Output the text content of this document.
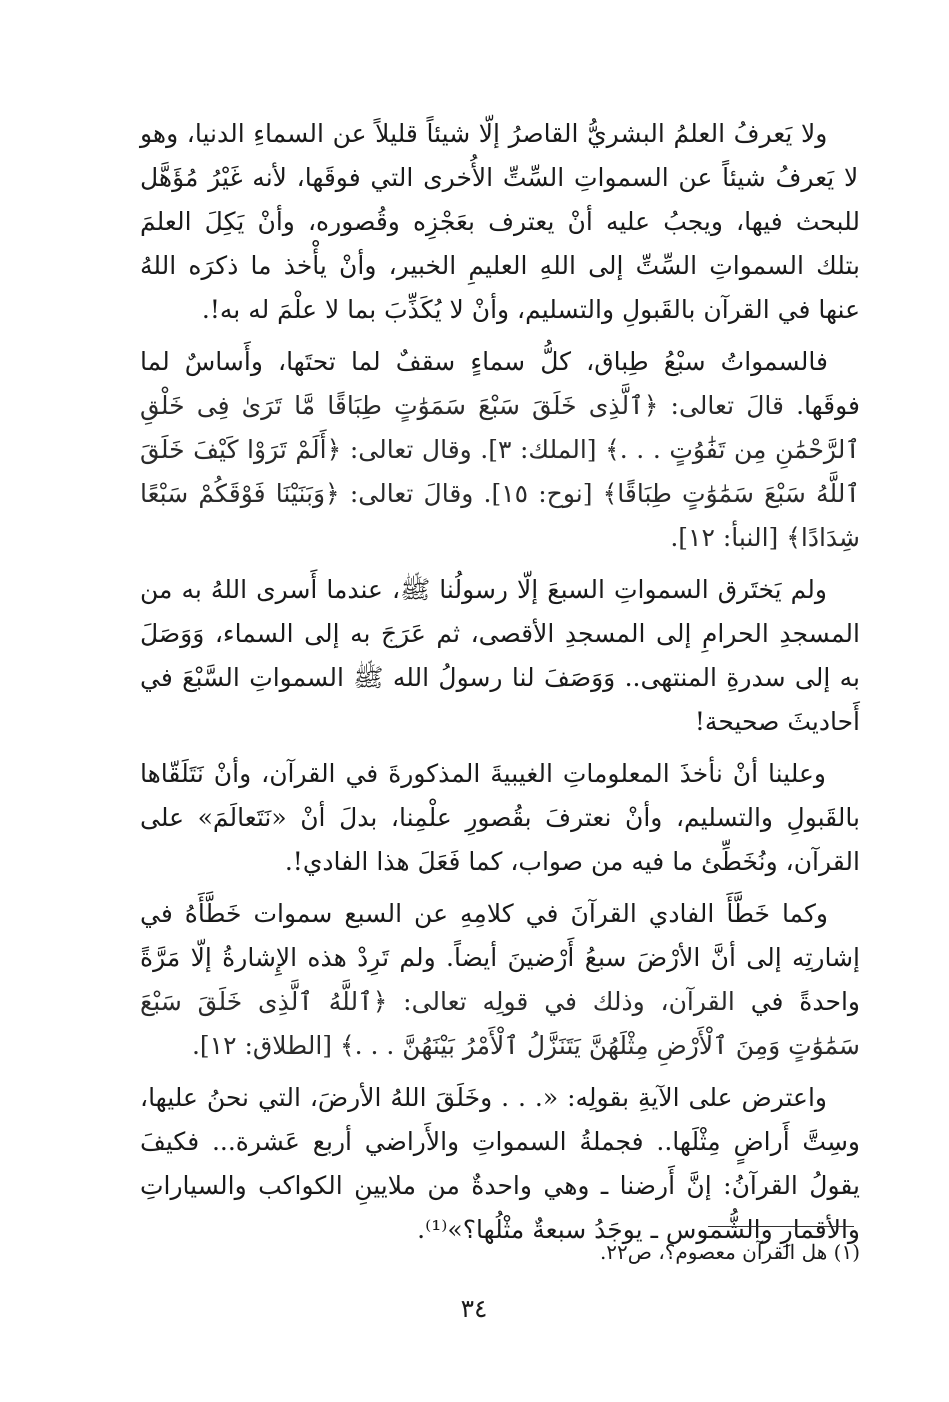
ولا يَعرفُ العلمُ البشريُّ القاصرُ إلّا شيئاً قليلاً عن السماءِ الدنيا، وهو لا يَعرفُ شيئاً عن السمواتِ السِّتِّ الأُخرى التي فوقَها، لأنه غَيْرُ مُؤَهَّل للبحث فيها، ويجبُ عليه أنْ يعترف بعَجْزِه وقُصوره، وأنْ يَكِلَ العلمَ بتلك السمواتِ السِّتِّ إلى اللهِ العليمِ الخبير، وأنْ يأْخذ ما ذكرَه اللهُ عنها في القرآن بالقَبولِ والتسليم، وأنْ لا يُكَذِّبَ بما لا علْمَ له به!.

فالسمواتُ سبْعُ طِباق، كلُّ سماءٍ سقفٌ لما تحتَها، وأَساسٌ لما فوقَها. قالَ تعالى: ﴿ٱلَّذِى خَلَقَ سَبْعَ سَمَوَٰتٍ طِبَاقًا مَّا تَرَىٰ فِى خَلْقِ ٱلرَّحْمَٰنِ مِن تَفَٰوُتٍ . . .﴾ [الملك: ٣]. وقال تعالى: ﴿أَلَمْ تَرَوْا كَيْفَ خَلَقَ ٱللَّهُ سَبْعَ سَمَٰوَٰتٍ طِبَاقًا﴾ [نوح: ١٥]. وقالَ تعالى: ﴿وَبَنَيْنَا فَوْقَكُمْ سَبْعًا شِدَادًا﴾ [النبأ: ١٢].

ولم يَختَرق السمواتِ السبعَ إلّا رسولُنا ﷺ، عندما أَسرى اللهُ به من المسجدِ الحرامِ إلى المسجدِ الأقصى، ثم عَرَجَ به إلى السماء، وَوَصَلَ به إلى سدرةِ المنتهى.. وَوَصَفَ لنا رسولُ الله ﷺ السمواتِ السَّبْعَ في أَحاديثَ صحيحة!

وعلينا أنْ نأخذَ المعلوماتِ الغيبيةَ المذكورةَ في القرآن، وأنْ نَتَلَقّاها بالقَبولِ والتسليم، وأنْ نعترفَ بقُصورِ علْمِنا، بدلَ أنْ «نَتَعالَمَ» على القرآن، ونُخَطِّئ ما فيه من صواب، كما فَعَلَ هذا الفادي!.

وكما خَطَّأَ الفادي القرآنَ في كلامِهِ عن السبع سموات خَطَّأَهُ في إشارتِه إلى أنَّ الأرْضَ سبعُ أَرْضينَ أيضاً. ولم تَرِدْ هذه الإِشارةُ إلّا مَرَّةً واحدةً في القرآن، وذلك في قولِه تعالى: ﴿ٱللَّهُ ٱلَّذِى خَلَقَ سَبْعَ سَمَٰوَٰتٍ وَمِنَ ٱلْأَرْضِ مِثْلَهُنَّ يَتَنَزَّلُ ٱلْأَمْرُ بَيْنَهُنَّ . . .﴾ [الطلاق: ١٢].

واعترض على الآيةِ بقولِه: «. . . وخَلَقَ اللهُ الأرضَ، التي نحنُ عليها، وسِتَّ أَراضٍ مِثْلَها.. فجملةُ السمواتِ والأَراضي أربع عَشرة... فكيفَ يقولُ القرآنُ: إنَّ أَرضنا ـ وهي واحدةٌ من ملايينِ الكواكب والسياراتِ والأقمارِ والشُّموس ـ يوجَدُ سبعةٌ مثْلُها؟»⁽¹⁾.

(١) هل القرآن معصوم؟، ص٢٢.
٣٤
